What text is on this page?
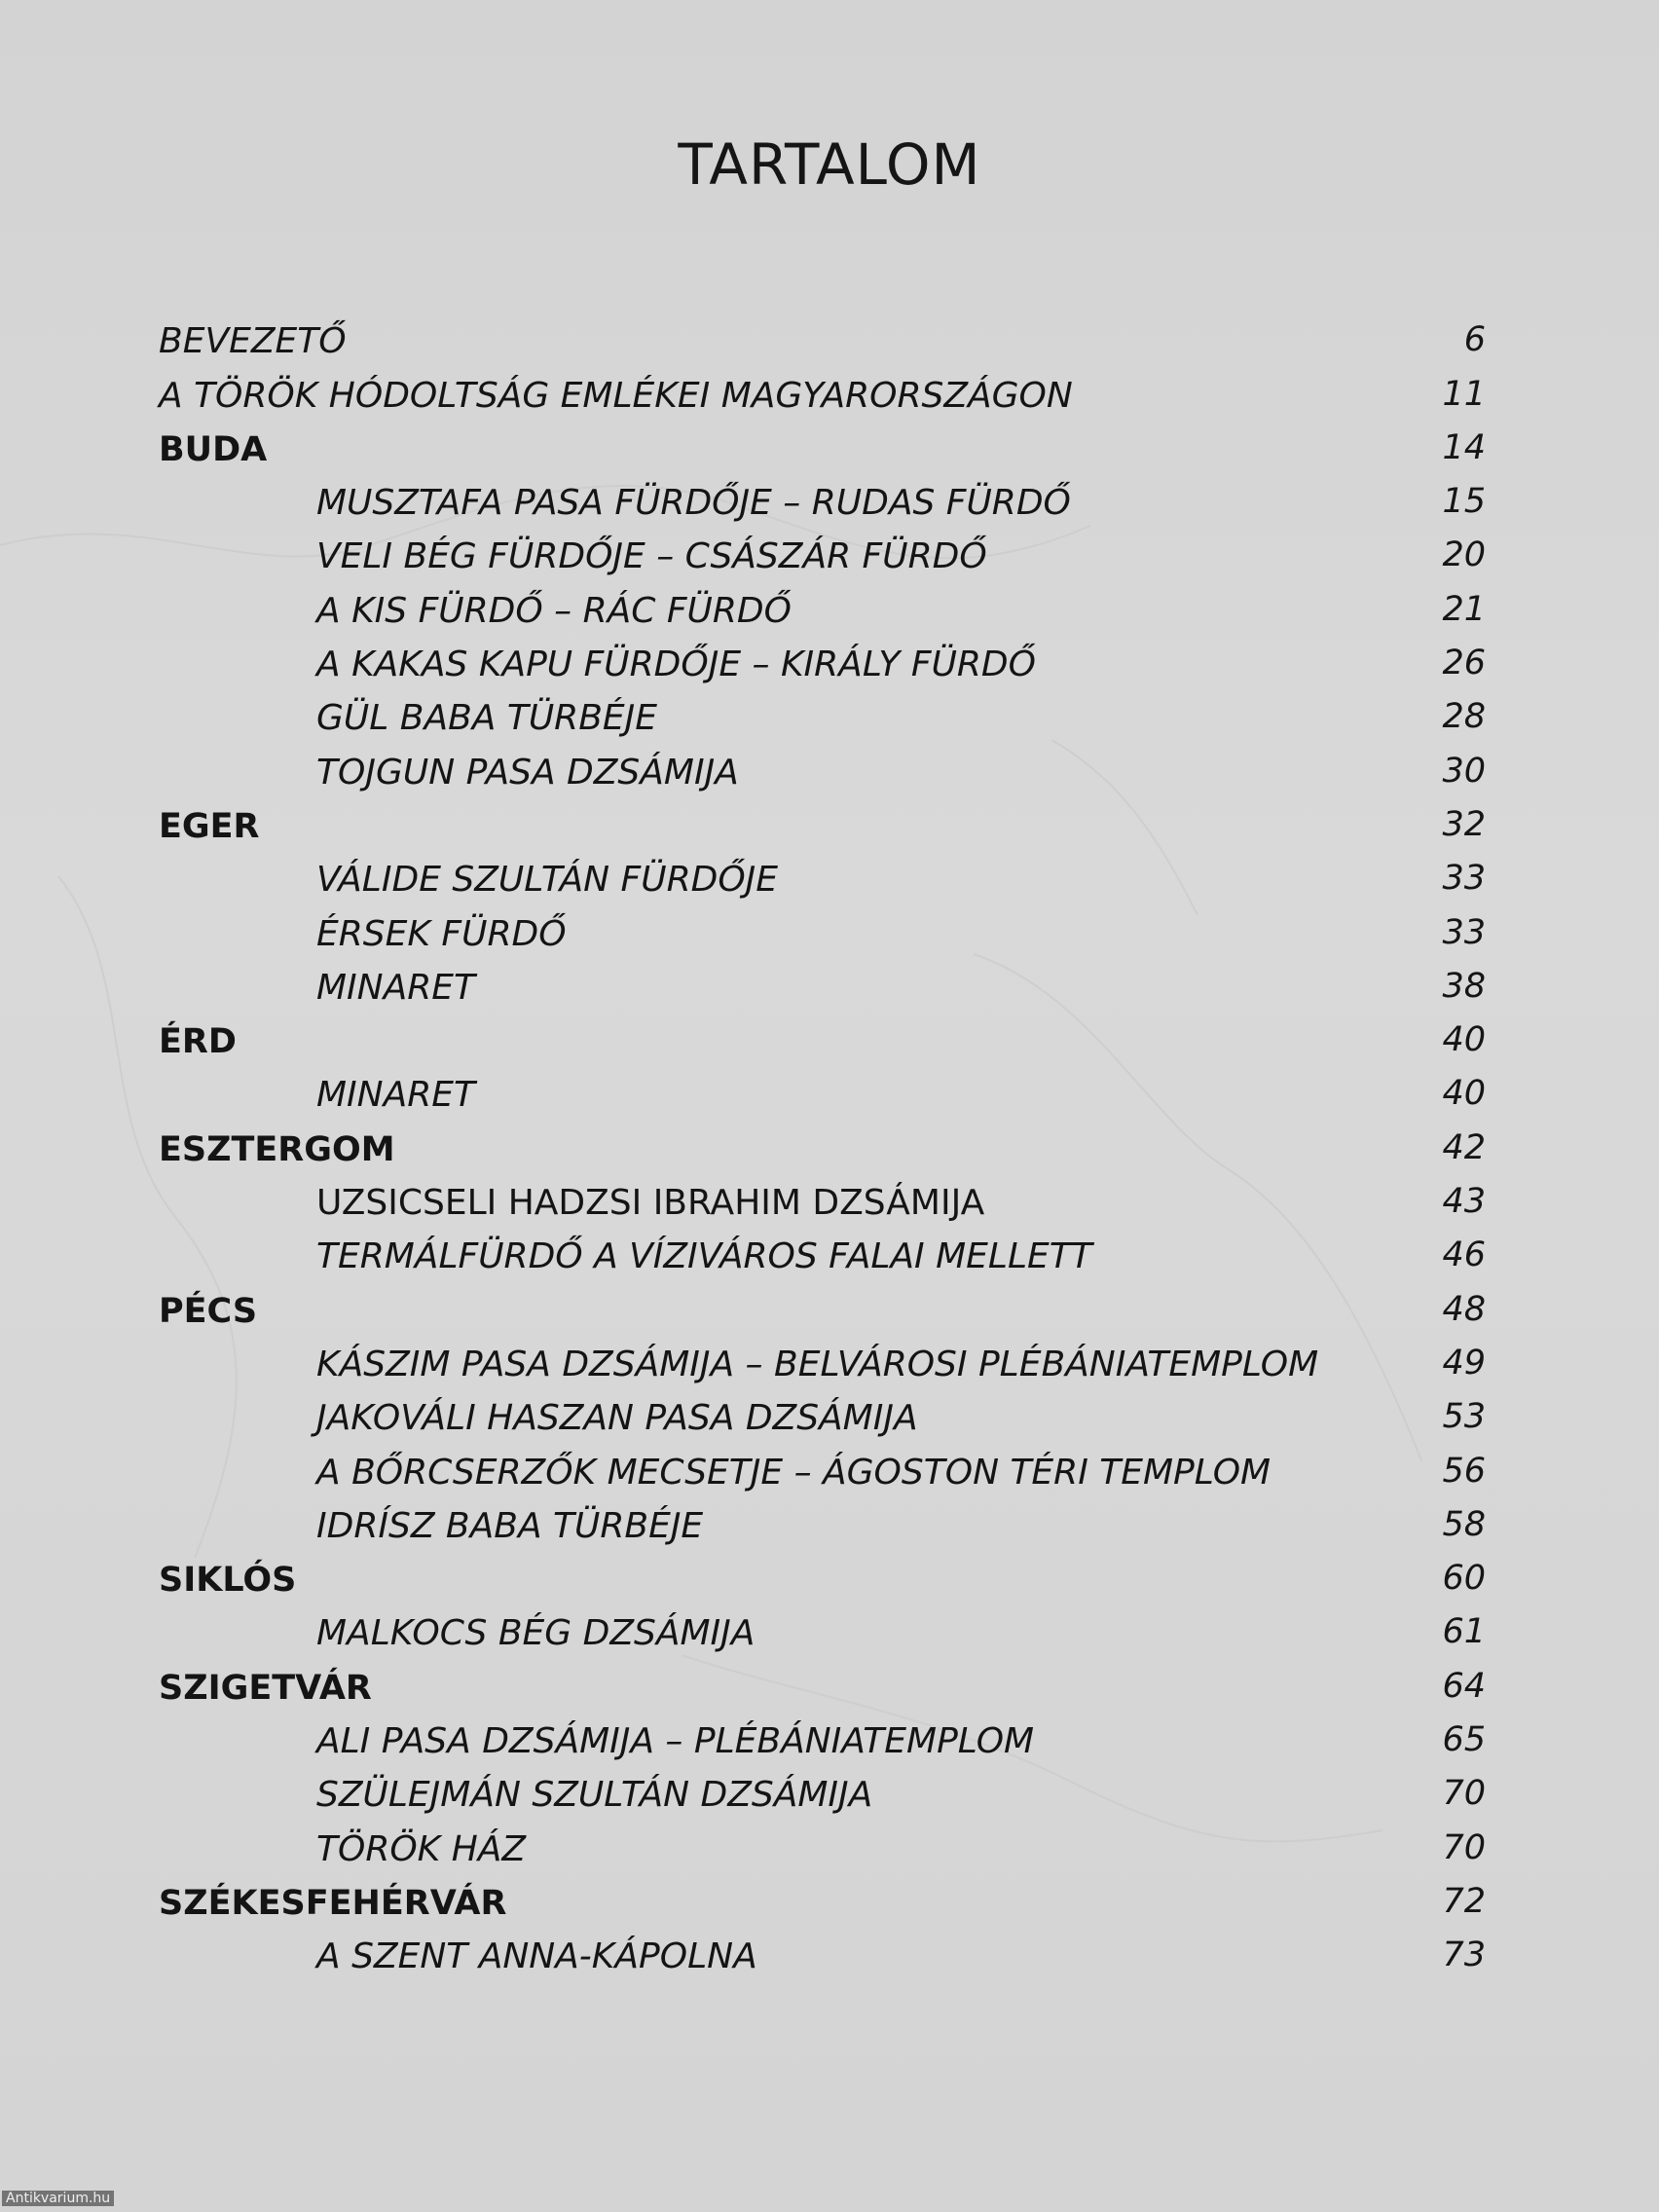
TARTALOM
BEVEZETŐ	6
A TÖRÖK HÓDOLTSÁG EMLÉKEI MAGYARORSZÁGON	11
BUDA	14
MUSZTAFA PASA FÜRDŐJE – RUDAS FÜRDŐ	15
VELI BÉG FÜRDŐJE – CSÁSZÁR FÜRDŐ	20
A KIS FÜRDŐ – RÁC FÜRDŐ	21
A KAKAS KAPU FÜRDŐJE – KIRÁLY FÜRDŐ	26
GÜL BABA TÜRBÉJE	28
TOJGUN PASA DZSÁMIJA	30
EGER	32
VÁLIDE SZULTÁN FÜRDŐJE	33
ÉRSEK FÜRDŐ	33
MINARET	38
ÉRD	40
MINARET	40
ESZTERGOM	42
UZSICSELI HADZSI IBRAHIM DZSÁMIJA	43
TERMÁLFÜRDŐ A VÍZIVÁROS FALAI MELLETT	46
PÉCS	48
KÁSZIM PASA DZSÁMIJA – BELVÁROSI PLÉBÁNIATEMPLOM	49
JAKOVÁLI HASZAN PASA DZSÁMIJA	53
A BŐRCSERZŐK MECSETJE – ÁGOSTON TÉRI TEMPLOM	56
IDRÍSZ BABA TÜRBÉJE	58
SIKLÓS	60
MALKOCS BÉG DZSÁMIJA	61
SZIGETVÁR	64
ALI PASA DZSÁMIJA – PLÉBÁNIATEMPLOM	65
SZÜLEJMÁN SZULTÁN DZSÁMIJA	70
TÖRÖK HÁZ	70
SZÉKESFEHÉRVÁR	72
A SZENT ANNA-KÁPOLNA	73
Antikvarium.hu
